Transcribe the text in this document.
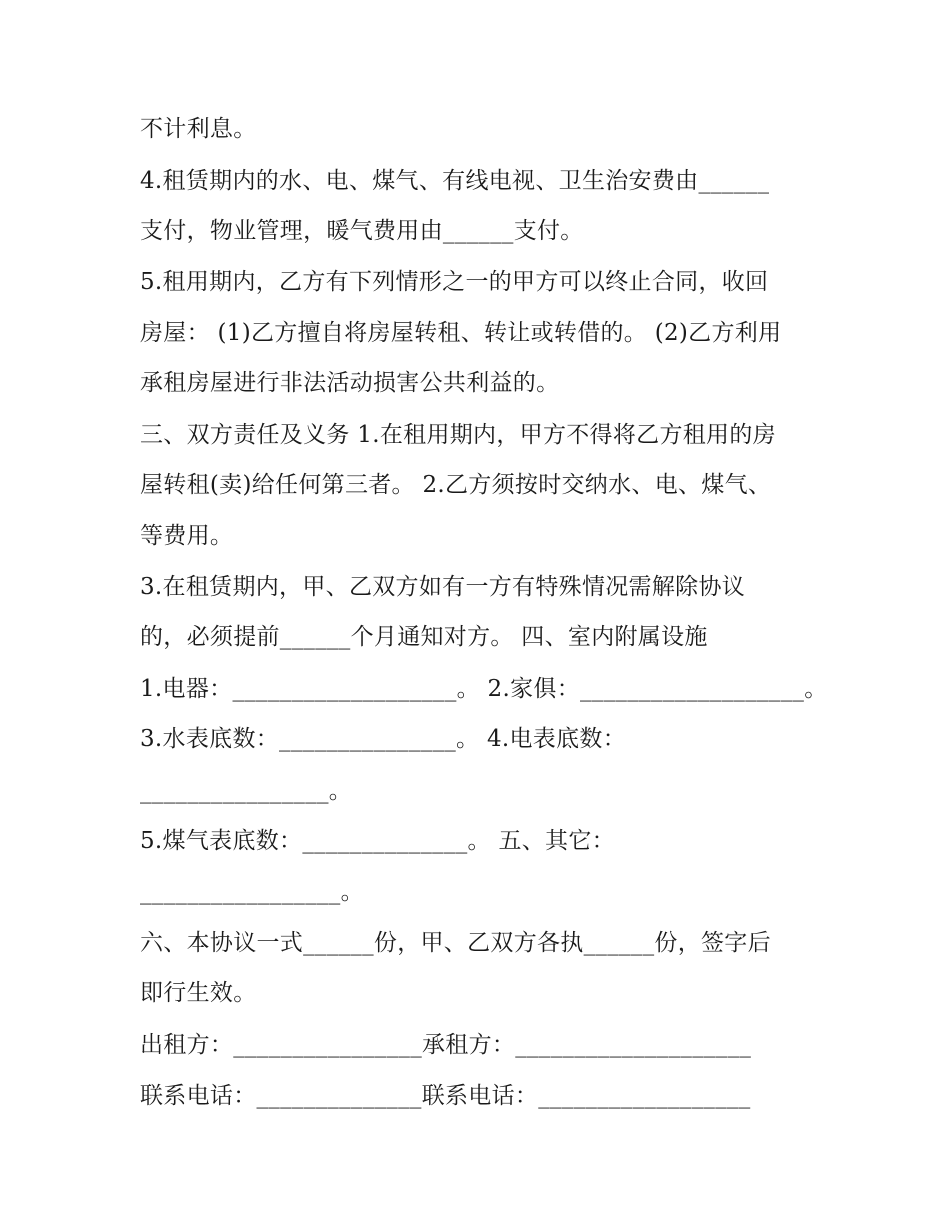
不计利息。
4.租赁期内的水、电、煤气、有线电视、卫生治安费由______
支付，物业管理，暖气费用由______支付。
5.租用期内，乙方有下列情形之一的甲方可以终止合同，收回
房屋： (1)乙方擅自将房屋转租、转让或转借的。 (2)乙方利用
承租房屋进行非法活动损害公共利益的。
三、双方责任及义务 1.在租用期内，甲方不得将乙方租用的房
屋转租(卖)给任何第三者。 2.乙方须按时交纳水、电、煤气、
等费用。
3.在租赁期内，甲、乙双方如有一方有特殊情况需解除协议
的，必须提前______个月通知对方。 四、室内附属设施
1.电器：___________________。 2.家俱：___________________。
3.水表底数：_______________。 4.电表底数：
________________。
5.煤气表底数：______________。 五、其它：
_________________。
六、本协议一式______份，甲、乙双方各执______份，签字后
即行生效。
出租方：________________承租方：____________________
联系电话：______________联系电话：__________________
